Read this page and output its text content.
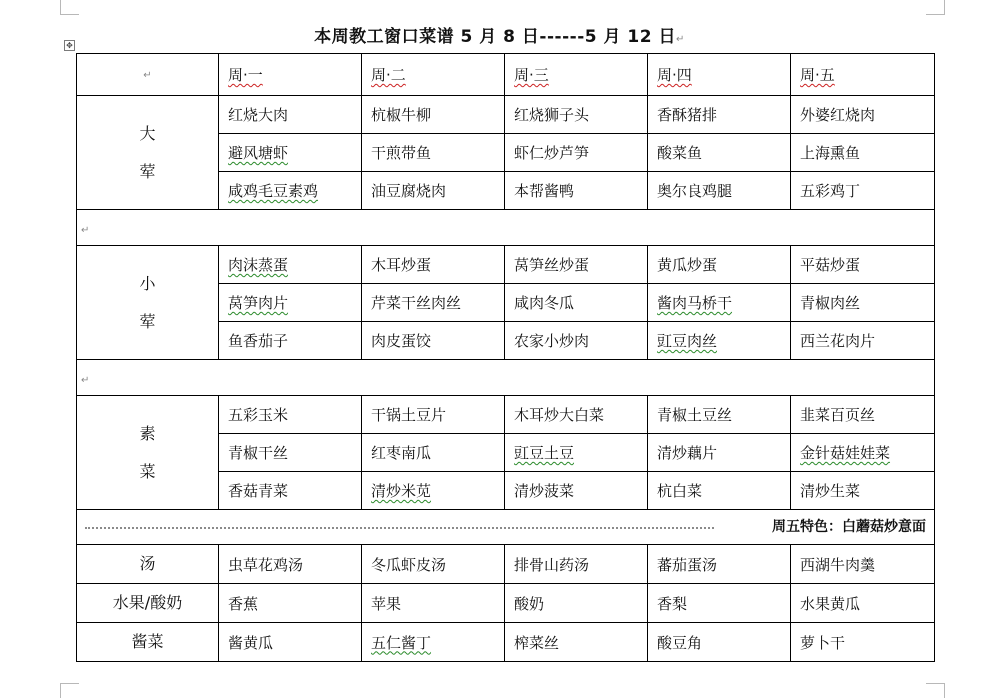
✥	本周教工窗口菜谱 5 月 8 日------5 月 12 日↵
↵	周·一	周·二	周·三	周·四	周·五

大
荤	红烧大肉	杭椒牛柳	红烧狮子头	香酥猪排	外婆红烧肉
	避风塘虾	干煎带鱼	虾仁炒芦笋	酸菜鱼	上海熏鱼
	咸鸡毛豆素鸡	油豆腐烧肉	本帮酱鸭	奥尔良鸡腿	五彩鸡丁
↵					

小
荤	肉沫蒸蛋	木耳炒蛋	莴笋丝炒蛋	黄瓜炒蛋	平菇炒蛋
	莴笋肉片	芹菜干丝肉丝	咸肉冬瓜	酱肉马桥干	青椒肉丝
	鱼香茄子	肉皮蛋饺	农家小炒肉	豇豆肉丝	西兰花肉片
↵					

素
菜	五彩玉米	干锅土豆片	木耳炒大白菜	青椒土豆丝	韭菜百页丝
	青椒干丝	红枣南瓜	豇豆土豆	清炒藕片	金针菇娃娃菜
	香菇青菜	清炒米苋	清炒菠菜	杭白菜	清炒生菜

周五特色：白蘑菇炒意面					

汤	虫草花鸡汤	冬瓜虾皮汤	排骨山药汤	蕃茄蛋汤	西湖牛肉羹
水果/酸奶	香蕉	苹果	酸奶	香梨	水果黄瓜
酱菜	酱黄瓜	五仁酱丁	榨菜丝	酸豆角	萝卜干
